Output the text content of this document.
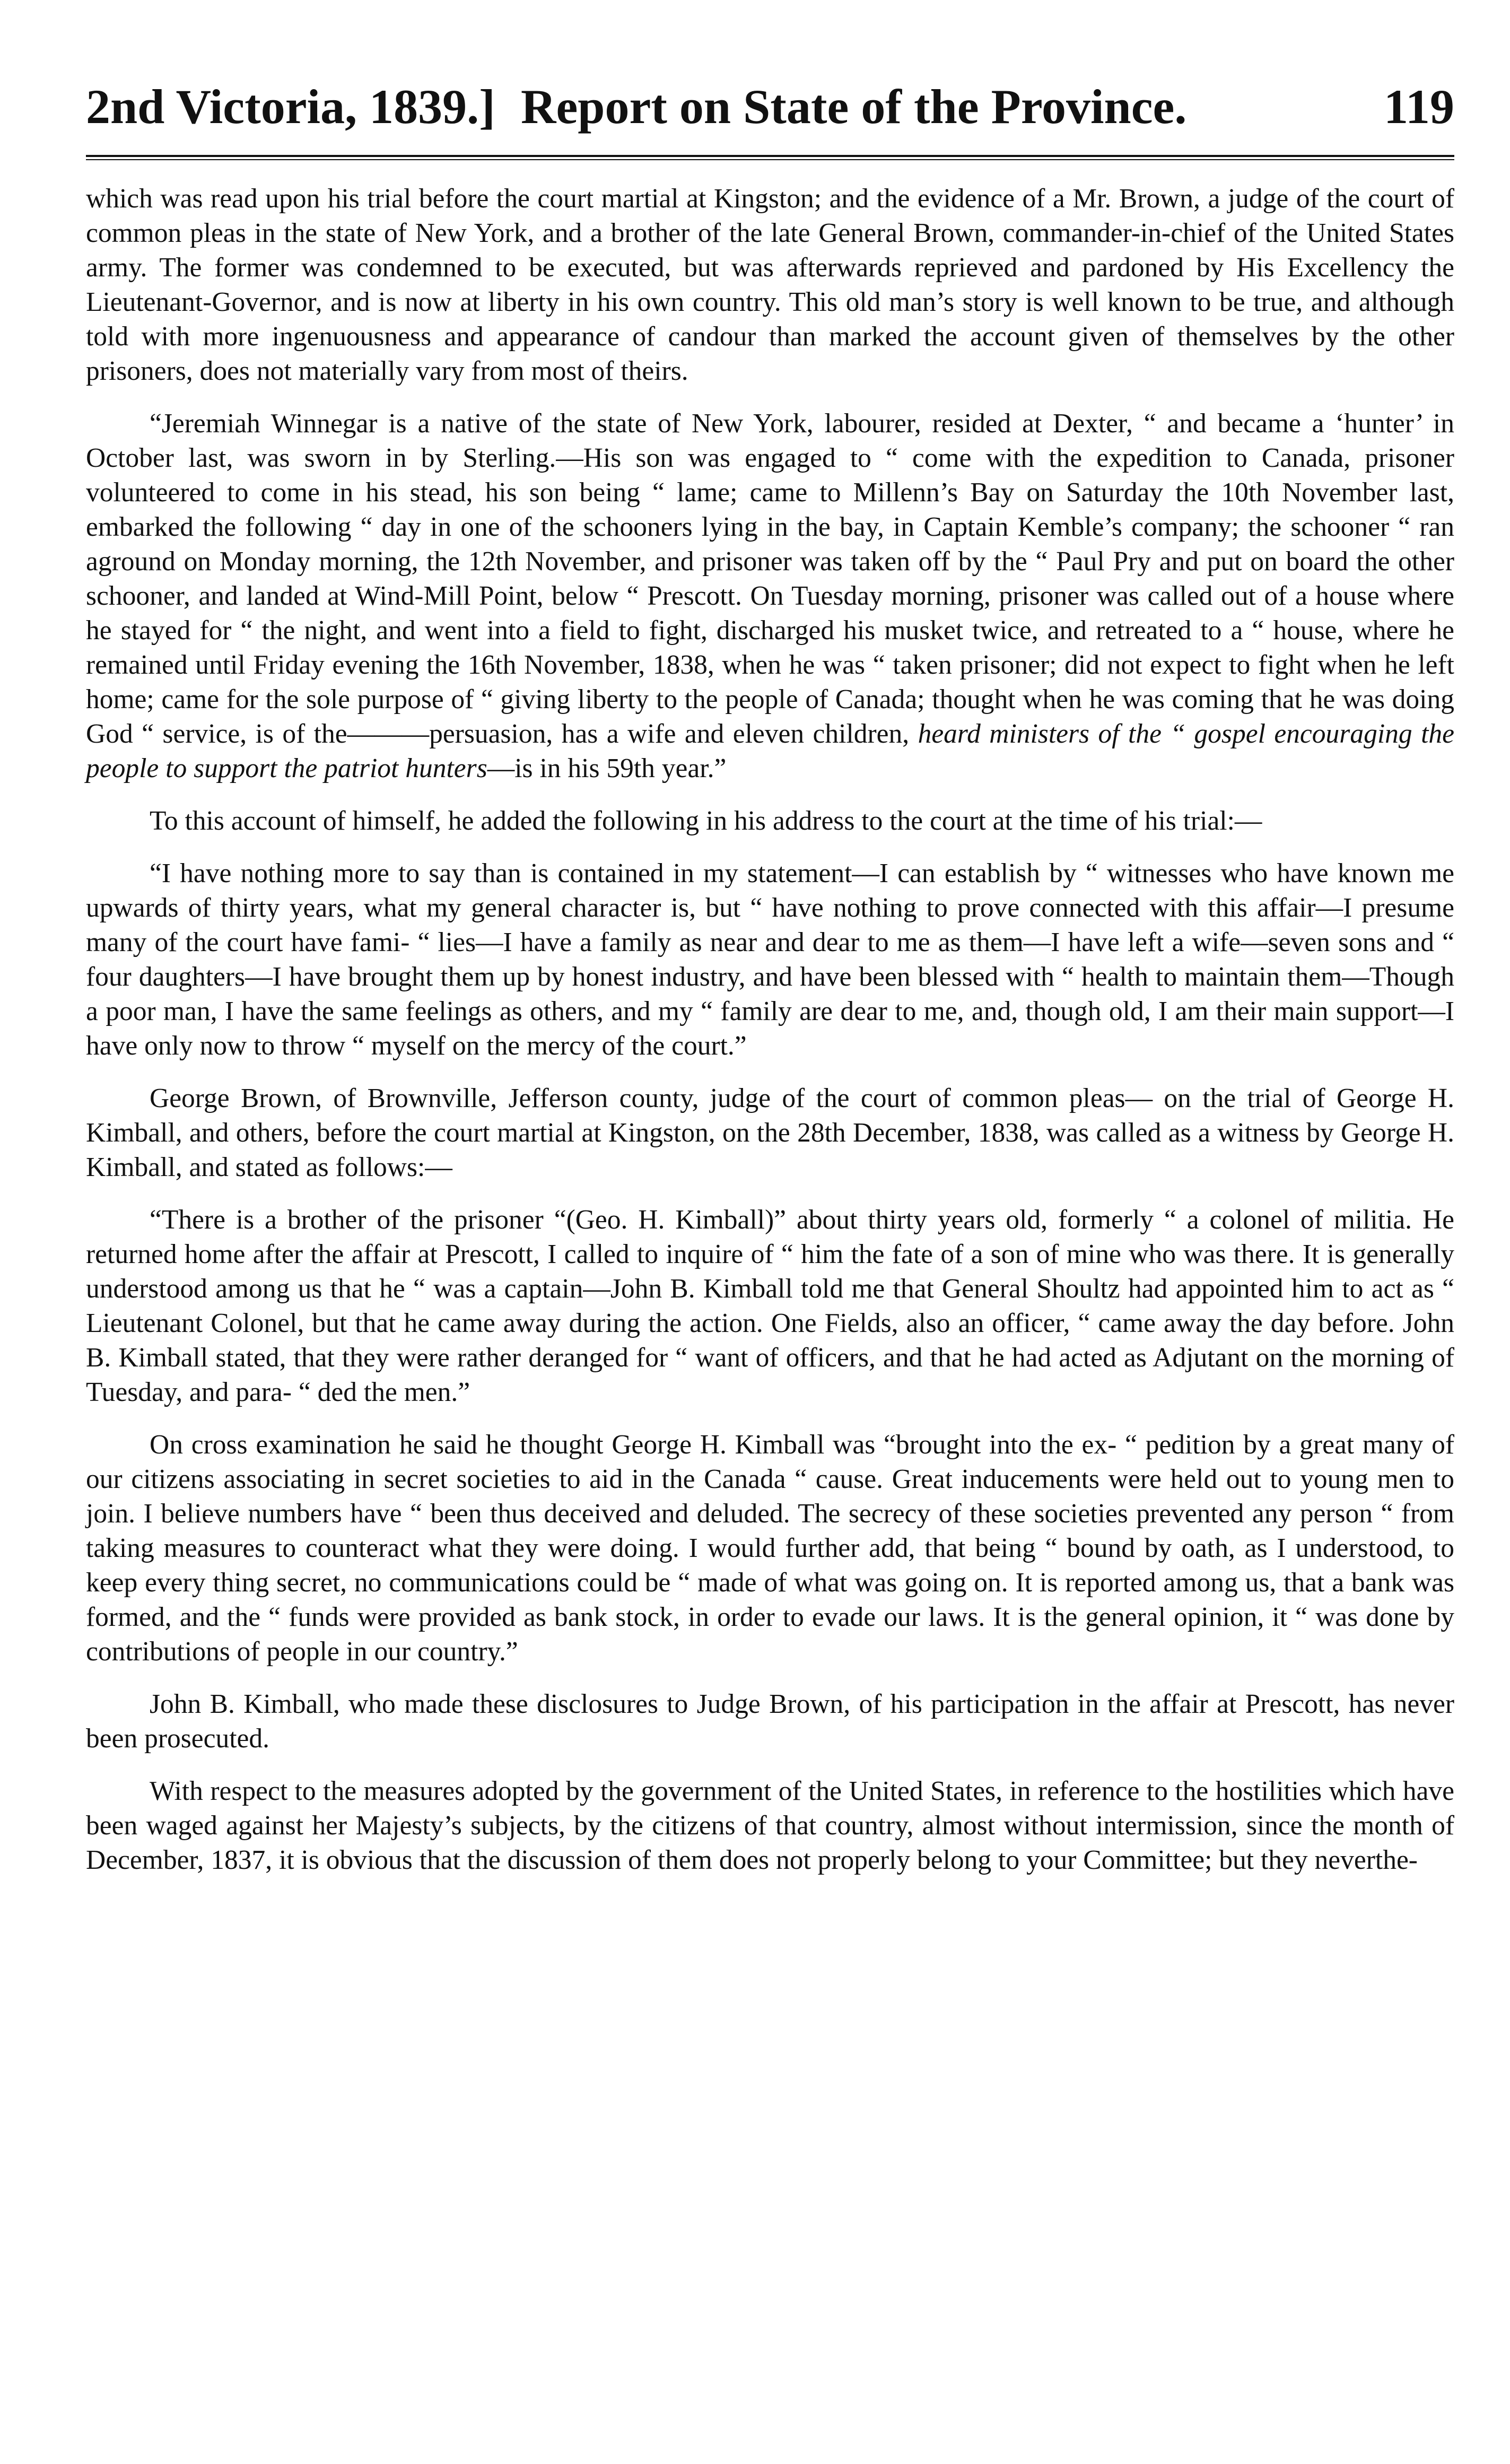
2nd Victoria, 1839.] Report on State of the Province.	119

which was read upon his trial before the court martial at Kingston; and the evidence of a Mr. Brown, a judge of the court of common pleas in the state of New York, and a brother of the late General Brown, commander-in-chief of the United States army. The former was condemned to be executed, but was afterwards reprieved and pardoned by His Excellency the Lieutenant-Governor, and is now at liberty in his own country. This old man’s story is well known to be true, and although told with more ingenuousness and appearance of candour than marked the account given of themselves by the other prisoners, does not materially vary from most of theirs.

“Jeremiah Winnegar is a native of the state of New York, labourer, resided at Dexter, “ and became a ‘hunter’ in October last, was sworn in by Sterling.—His son was engaged to “ come with the expedition to Canada, prisoner volunteered to come in his stead, his son being “ lame; came to Millenn’s Bay on Saturday the 10th November last, embarked the following “ day in one of the schooners lying in the bay, in Captain Kemble’s company; the schooner “ ran aground on Monday morning, the 12th November, and prisoner was taken off by the “ Paul Pry and put on board the other schooner, and landed at Wind-Mill Point, below “ Prescott. On Tuesday morning, prisoner was called out of a house where he stayed for “ the night, and went into a field to fight, discharged his musket twice, and retreated to a “ house, where he remained until Friday evening the 16th November, 1838, when he was “ taken prisoner; did not expect to fight when he left home; came for the sole purpose of “ giving liberty to the people of Canada; thought when he was coming that he was doing God “ service, is of the———persuasion, has a wife and eleven children, heard ministers of the “ gospel encouraging the people to support the patriot hunters—is in his 59th year.”

To this account of himself, he added the following in his address to the court at the time of his trial:—

“I have nothing more to say than is contained in my statement—I can establish by “ witnesses who have known me upwards of thirty years, what my general character is, but “ have nothing to prove connected with this affair—I presume many of the court have fami- “ lies—I have a family as near and dear to me as them—I have left a wife—seven sons and “ four daughters—I have brought them up by honest industry, and have been blessed with “ health to maintain them—Though a poor man, I have the same feelings as others, and my “ family are dear to me, and, though old, I am their main support—I have only now to throw “ myself on the mercy of the court.”

George Brown, of Brownville, Jefferson county, judge of the court of common pleas— on the trial of George H. Kimball, and others, before the court martial at Kingston, on the 28th December, 1838, was called as a witness by George H. Kimball, and stated as follows:—

“There is a brother of the prisoner “(Geo. H. Kimball)” about thirty years old, formerly “ a colonel of militia. He returned home after the affair at Prescott, I called to inquire of “ him the fate of a son of mine who was there. It is generally understood among us that he “ was a captain—John B. Kimball told me that General Shoultz had appointed him to act as “ Lieutenant Colonel, but that he came away during the action. One Fields, also an officer, “ came away the day before. John B. Kimball stated, that they were rather deranged for “ want of officers, and that he had acted as Adjutant on the morning of Tuesday, and para- “ ded the men.”

On cross examination he said he thought George H. Kimball was “brought into the ex- “ pedition by a great many of our citizens associating in secret societies to aid in the Canada “ cause. Great inducements were held out to young men to join. I believe numbers have “ been thus deceived and deluded. The secrecy of these societies prevented any person “ from taking measures to counteract what they were doing. I would further add, that being “ bound by oath, as I understood, to keep every thing secret, no communications could be “ made of what was going on. It is reported among us, that a bank was formed, and the “ funds were provided as bank stock, in order to evade our laws. It is the general opinion, it “ was done by contributions of people in our country.”

John B. Kimball, who made these disclosures to Judge Brown, of his participation in the affair at Prescott, has never been prosecuted.

With respect to the measures adopted by the government of the United States, in reference to the hostilities which have been waged against her Majesty’s subjects, by the citizens of that country, almost without intermission, since the month of December, 1837, it is obvious that the discussion of them does not properly belong to your Committee; but they neverthe-
